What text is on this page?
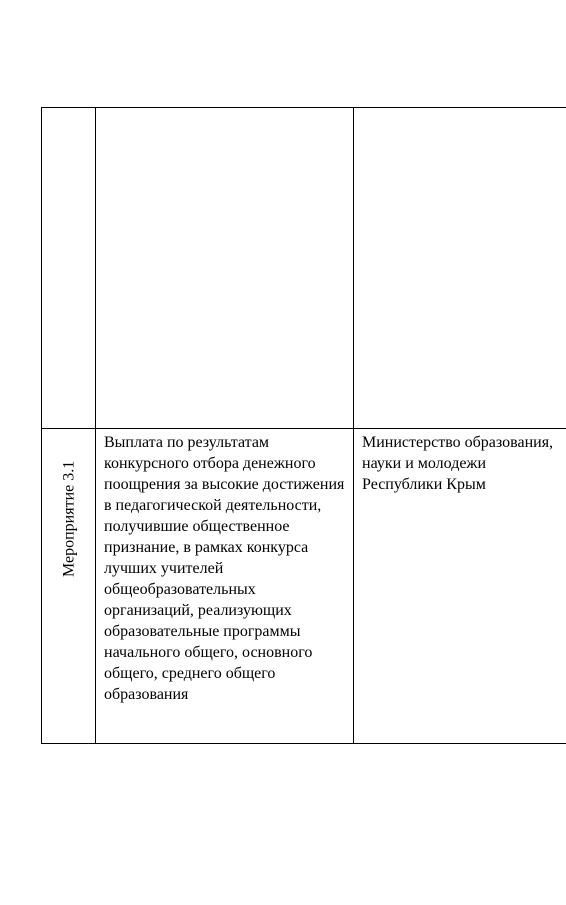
Мероприятие 3.1	Выплата по результатам конкурсного отбора денежного поощрения за высокие достижения в педагогической деятельности, получившие общественное признание, в рамках конкурса лучших учителей общеобразовательных организаций, реализующих образовательные программы начального общего, основного общего, среднего общего образования	Министерство образования, науки и молодежи Республики Крым
